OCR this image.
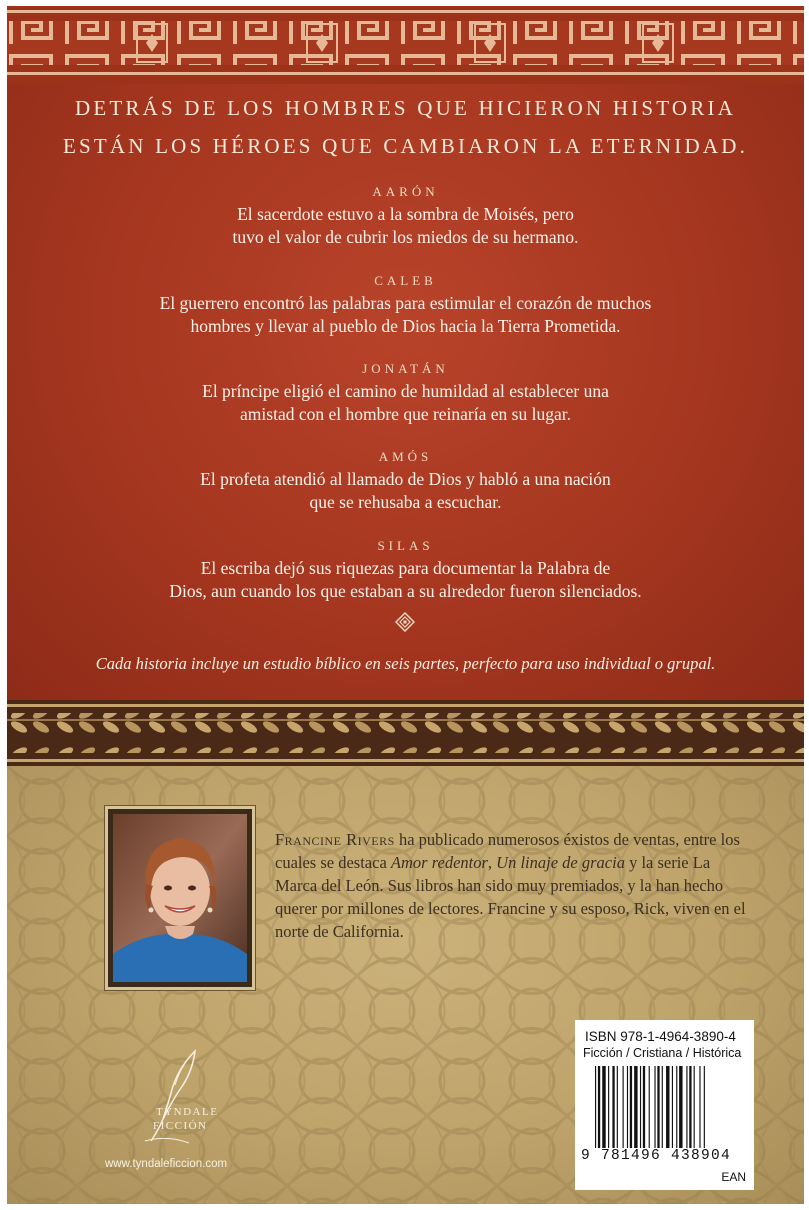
DETRÁS DE LOS HOMBRES QUE HICIERON HISTORIA
ESTÁN LOS HÉROES QUE CAMBIARON LA ETERNIDAD.
AARÓN
El sacerdote estuvo a la sombra de Moisés, pero
tuvo el valor de cubrir los miedos de su hermano.
CALEB
El guerrero encontró las palabras para estimular el corazón de muchos
hombres y llevar al pueblo de Dios hacia la Tierra Prometida.
JONATÁN
El príncipe eligió el camino de humildad al establecer una
amistad con el hombre que reinaría en su lugar.
AMÓS
El profeta atendió al llamado de Dios y habló a una nación
que se rehusaba a escuchar.
SILAS
El escriba dejó sus riquezas para documentar la Palabra de
Dios, aun cuando los que estaban a su alrededor fueron silenciados.
Cada historia incluye un estudio bíblico en seis partes, perfecto para uso individual o grupal.
Francine Rivers ha publicado numerosos éxistos de ventas, entre los cuales se destaca Amor redentor, Un linaje de gracia y la serie La Marca del León. Sus libros han sido muy premiados, y la han hecho querer por millones de lectores. Francine y su esposo, Rick, viven en el norte de California.
TYNDALE
FICCIÓN
www.tyndaleficcion.com
ISBN 978-1-4964-3890-4
Ficción / Cristiana / Histórica
9 781496 438904
EAN
